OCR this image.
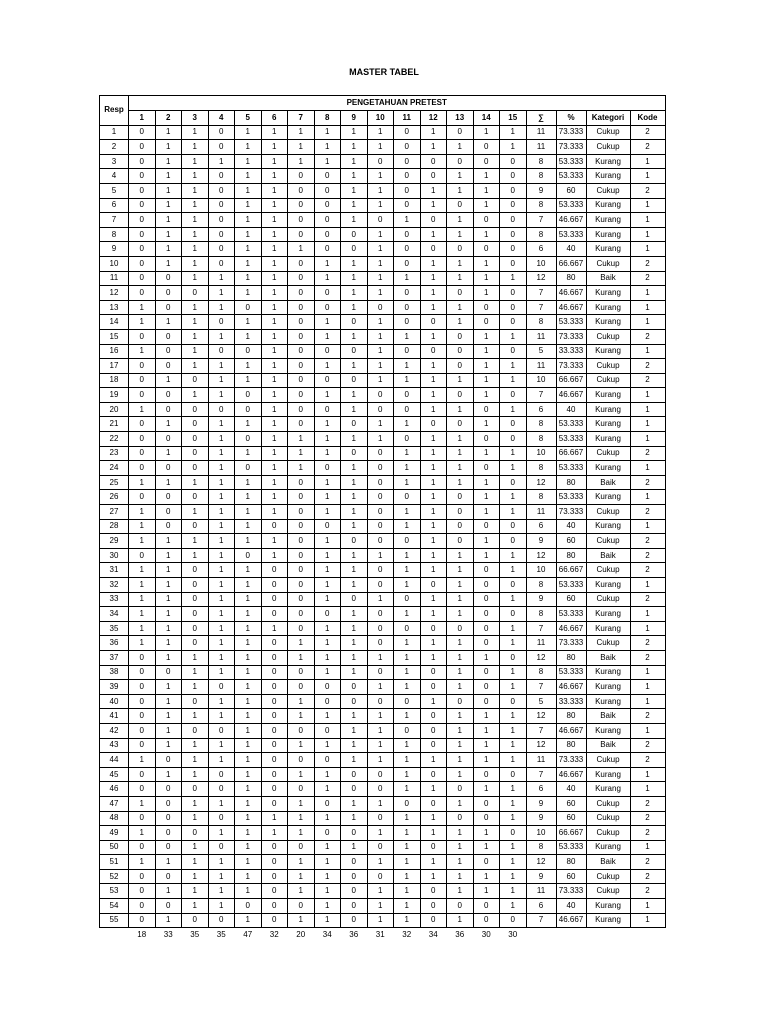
MASTER TABEL
Resp	PENGETAHUAN PRETEST																		
	1	2	3	4	5	6	7	8	9	10	11	12	13	14	15	∑	%	Kategori	Kode
1	0	1	1	0	1	1	1	1	1	1	0	1	0	1	1	11	73.333	Cukup	2
2	0	1	1	0	1	1	1	1	1	1	0	1	1	0	1	11	73.333	Cukup	2
3	0	1	1	1	1	1	1	1	1	0	0	0	0	0	0	8	53.333	Kurang	1
4	0	1	1	0	1	1	0	0	1	1	0	0	1	1	0	8	53.333	Kurang	1
5	0	1	1	0	1	1	0	0	1	1	0	1	1	1	0	9	60	Cukup	2
6	0	1	1	0	1	1	0	0	1	1	0	1	0	1	0	8	53.333	Kurang	1
7	0	1	1	0	1	1	0	0	1	0	1	0	1	0	0	7	46.667	Kurang	1
8	0	1	1	0	1	1	0	0	0	1	0	1	1	1	0	8	53.333	Kurang	1
9	0	1	1	0	1	1	1	0	0	1	0	0	0	0	0	6	40	Kurang	1
10	0	1	1	0	1	1	0	1	1	1	0	1	1	1	0	10	66.667	Cukup	2
11	0	0	1	1	1	1	0	1	1	1	1	1	1	1	1	12	80	Baik	2
12	0	0	0	1	1	1	0	0	1	1	0	1	0	1	0	7	46.667	Kurang	1
13	1	0	1	1	0	1	0	0	1	0	0	1	1	0	0	7	46.667	Kurang	1
14	1	1	1	0	1	1	0	1	0	1	0	0	1	0	0	8	53.333	Kurang	1
15	0	0	1	1	1	1	0	1	1	1	1	1	0	1	1	11	73.333	Cukup	2
16	1	0	1	0	0	1	0	0	0	1	0	0	0	1	0	5	33.333	Kurang	1
17	0	0	1	1	1	1	0	1	1	1	1	1	0	1	1	11	73.333	Cukup	2
18	0	1	0	1	1	1	0	0	0	1	1	1	1	1	1	10	66.667	Cukup	2
19	0	0	1	1	0	1	0	1	1	0	0	1	0	1	0	7	46.667	Kurang	1
20	1	0	0	0	0	1	0	0	1	0	0	1	1	0	1	6	40	Kurang	1
21	0	1	0	1	1	1	0	1	0	1	1	0	0	1	0	8	53.333	Kurang	1
22	0	0	0	1	0	1	1	1	1	1	0	1	1	0	0	8	53.333	Kurang	1
23	0	1	0	1	1	1	1	1	0	0	1	1	1	1	1	10	66.667	Cukup	2
24	0	0	0	1	0	1	1	0	1	0	1	1	1	0	1	8	53.333	Kurang	1
25	1	1	1	1	1	1	0	1	1	0	1	1	1	1	0	12	80	Baik	2
26	0	0	0	1	1	1	0	1	1	0	0	1	0	1	1	8	53.333	Kurang	1
27	1	0	1	1	1	1	0	1	1	0	1	1	0	1	1	11	73.333	Cukup	2
28	1	0	0	1	1	0	0	0	1	0	1	1	0	0	0	6	40	Kurang	1
29	1	1	1	1	1	1	0	1	0	0	0	1	0	1	0	9	60	Cukup	2
30	0	1	1	1	0	1	0	1	1	1	1	1	1	1	1	12	80	Baik	2
31	1	1	0	1	1	0	0	1	1	0	1	1	1	0	1	10	66.667	Cukup	2
32	1	1	0	1	1	0	0	1	1	0	1	0	1	0	0	8	53.333	Kurang	1
33	1	1	0	1	1	0	0	1	0	1	0	1	1	0	1	9	60	Cukup	2
34	1	1	0	1	1	0	0	0	1	0	1	1	1	0	0	8	53.333	Kurang	1
35	1	1	0	1	1	1	0	1	1	0	0	0	0	0	1	7	46.667	Kurang	1
36	1	1	0	1	1	0	1	1	1	0	1	1	1	0	1	11	73.333	Cukup	2
37	0	1	1	1	1	0	1	1	1	1	1	1	1	1	0	12	80	Baik	2
38	0	0	1	1	1	0	0	1	1	0	1	0	1	0	1	8	53.333	Kurang	1
39	0	1	1	0	1	0	0	0	0	1	1	0	1	0	1	7	46.667	Kurang	1
40	0	1	0	1	1	0	1	0	0	0	0	1	0	0	0	5	33.333	Kurang	1
41	0	1	1	1	1	0	1	1	1	1	1	0	1	1	1	12	80	Baik	2
42	0	1	0	0	1	0	0	0	1	1	0	0	1	1	1	7	46.667	Kurang	1
43	0	1	1	1	1	0	1	1	1	1	1	0	1	1	1	12	80	Baik	2
44	1	0	1	1	1	0	0	0	1	1	1	1	1	1	1	11	73.333	Cukup	2
45	0	1	1	0	1	0	1	1	0	0	1	0	1	0	0	7	46.667	Kurang	1
46	0	0	0	0	1	0	0	1	0	0	1	1	0	1	1	6	40	Kurang	1
47	1	0	1	1	1	0	1	0	1	1	0	0	1	0	1	9	60	Cukup	2
48	0	0	1	0	1	1	1	1	1	0	1	1	0	0	1	9	60	Cukup	2
49	1	0	0	1	1	1	1	0	0	1	1	1	1	1	0	10	66.667	Cukup	2
50	0	0	1	0	1	0	0	1	1	0	1	0	1	1	1	8	53.333	Kurang	1
51	1	1	1	1	1	0	1	1	0	1	1	1	1	0	1	12	80	Baik	2
52	0	0	1	1	1	0	1	1	0	0	1	1	1	1	1	9	60	Cukup	2
53	0	1	1	1	1	0	1	1	0	1	1	0	1	1	1	11	73.333	Cukup	2
54	0	0	1	1	0	0	0	1	0	1	1	0	0	0	1	6	40	Kurang	1
55	0	1	0	0	1	0	1	1	0	1	1	0	1	0	0	7	46.667	Kurang	1
	18	33	35	35	47	32	20	34	36	31	32	34	36	30	30				
